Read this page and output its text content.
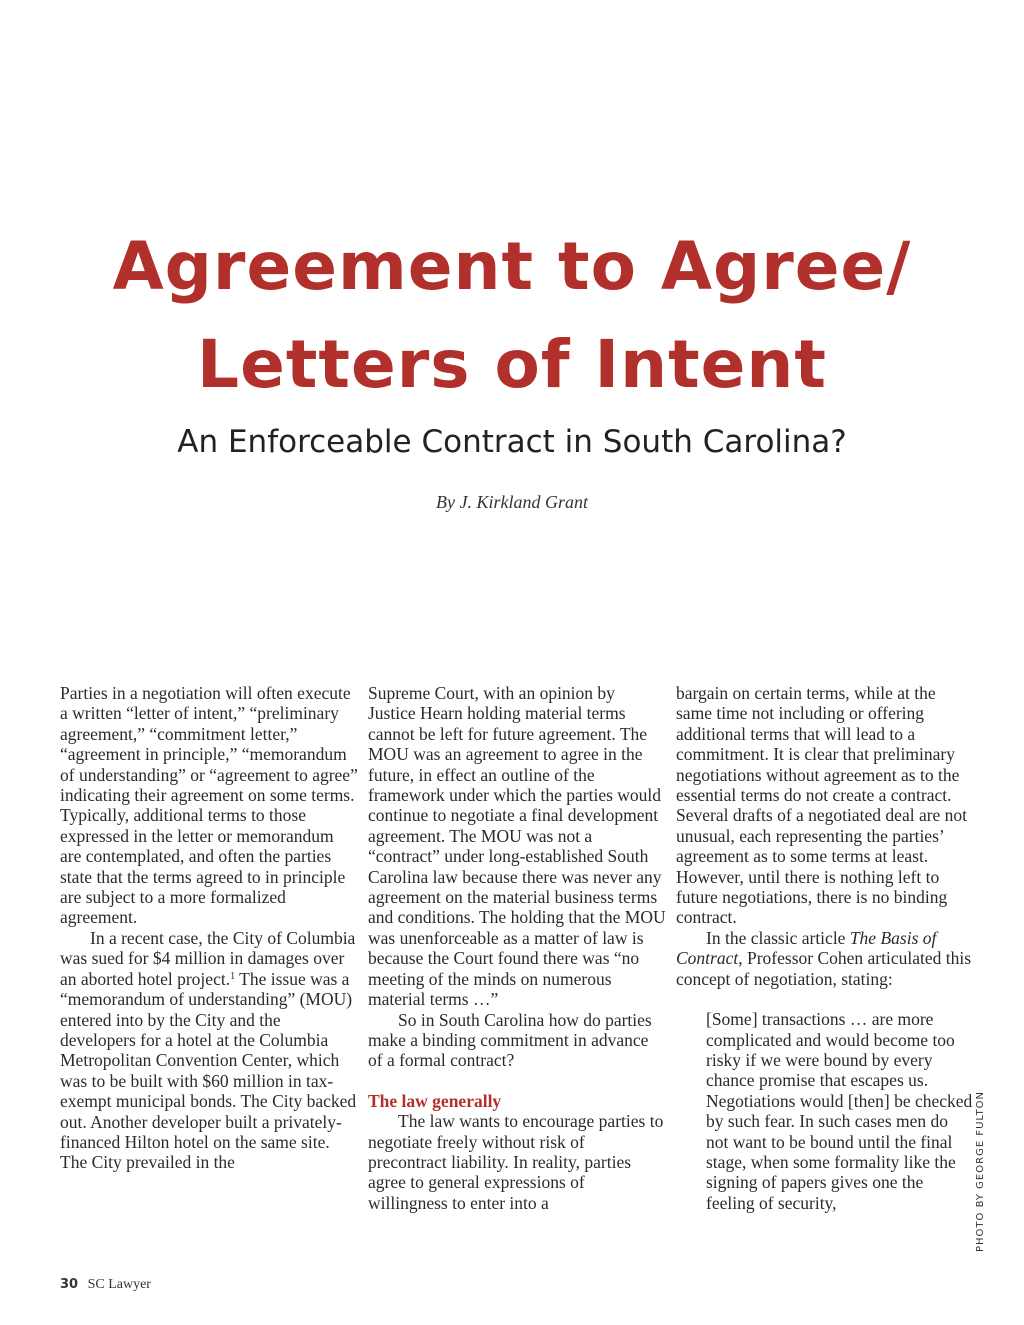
Agreement to Agree/
Letters of Intent
An Enforceable Contract in South Carolina?
By J. Kirkland Grant

Parties in a negotiation will often execute a written “letter of intent,” “preliminary agreement,” “commitment letter,” “agreement in principle,” “memorandum of understanding” or “agreement to agree” indicating their agreement on some terms. Typically, additional terms to those expressed in the letter or memorandum are contemplated, and often the parties state that the terms agreed to in principle are subject to a more formalized agreement.

In a recent case, the City of Columbia was sued for $4 million in damages over an aborted hotel project.$^1$ The issue was a “memorandum of understanding” (MOU) entered into by the City and the developers for a hotel at the Columbia Metropolitan Convention Center, which was to be built with $60 million in tax-exempt municipal bonds. The City backed out. Another developer built a privately-financed Hilton hotel on the same site. The City prevailed in the

Supreme Court, with an opinion by Justice Hearn holding material terms cannot be left for future agreement. The MOU was an agreement to agree in the future, in effect an outline of the framework under which the parties would continue to negotiate a final development agreement. The MOU was not a “contract” under long-established South Carolina law because there was never any agreement on the material business terms and conditions. The holding that the MOU was unenforceable as a matter of law is because the Court found there was “no meeting of the minds on numerous material terms …”

So in South Carolina how do parties make a binding commitment in advance of a formal contract?

The law generally

The law wants to encourage parties to negotiate freely without risk of precontract liability. In reality, parties agree to general expressions of willingness to enter into a

bargain on certain terms, while at the same time not including or offering additional terms that will lead to a commitment. It is clear that preliminary negotiations without agreement as to the essential terms do not create a contract. Several drafts of a negotiated deal are not unusual, each representing the parties’ agreement as to some terms at least. However, until there is nothing left to future negotiations, there is no binding contract.

In the classic article The Basis of Contract, Professor Cohen articulated this concept of negotiation, stating:

[Some] transactions … are more complicated and would become too risky if we were bound by every chance promise that escapes us. Negotiations would [then] be checked by such fear. In such cases men do not want to be bound until the final stage, when some formality like the signing of papers gives one the feeling of security,

30 SC Lawyer
PHOTO BY GEORGE FULTON
